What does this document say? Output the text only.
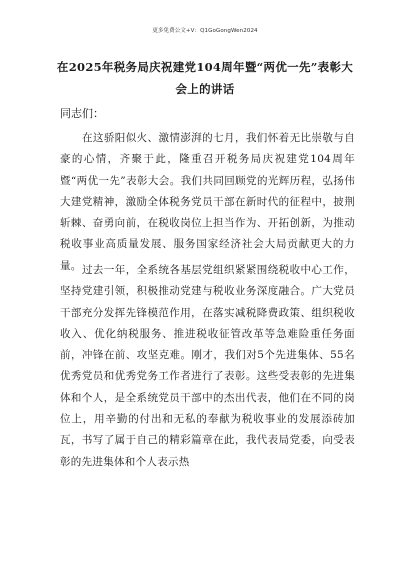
更多免费公文+V：Q1GoGongWen2024
在2025年税务局庆祝建党104周年暨“两优一先”表彰大会上的讲话
同志们：
在这骄阳似火、激情澎湃的七月，我们怀着无比崇敬与自豪的心情，齐聚于此，隆重召开税务局庆祝建党104周年暨“两优一先”表彰大会。我们共同回顾党的光辉历程，弘扬伟大建党精神，激励全体税务党员干部在新时代的征程中，披荆斩棘、奋勇向前，在税收岗位上担当作为、开拓创新，为推动税收事业高质量发展、服务国家经济社会大局贡献更大的力量。 过去一年，全系统各基层党组织紧紧围绕税收中心工作，坚持党建引领，积极推动党建与税收业务深度融合。广大党员干部充分发挥先锋模范作用，在落实减税降费政策、组织税收收入、优化纳税服务、推进税收征管改革等急难险重任务面前，冲锋在前、攻坚克难。刚才，我们对5个先进集体、55名优秀党员和优秀党务工作者进行了表彰。这些受表彰的先进集体和个人，是全系统党员干部中的杰出代表，他们在不同的岗位上，用辛勤的付出和无私的奉献为税收事业的发展添砖加瓦，书写了属于自己的精彩篇章在此，我代表局党委，向受表彰的先进集体和个人表示热
